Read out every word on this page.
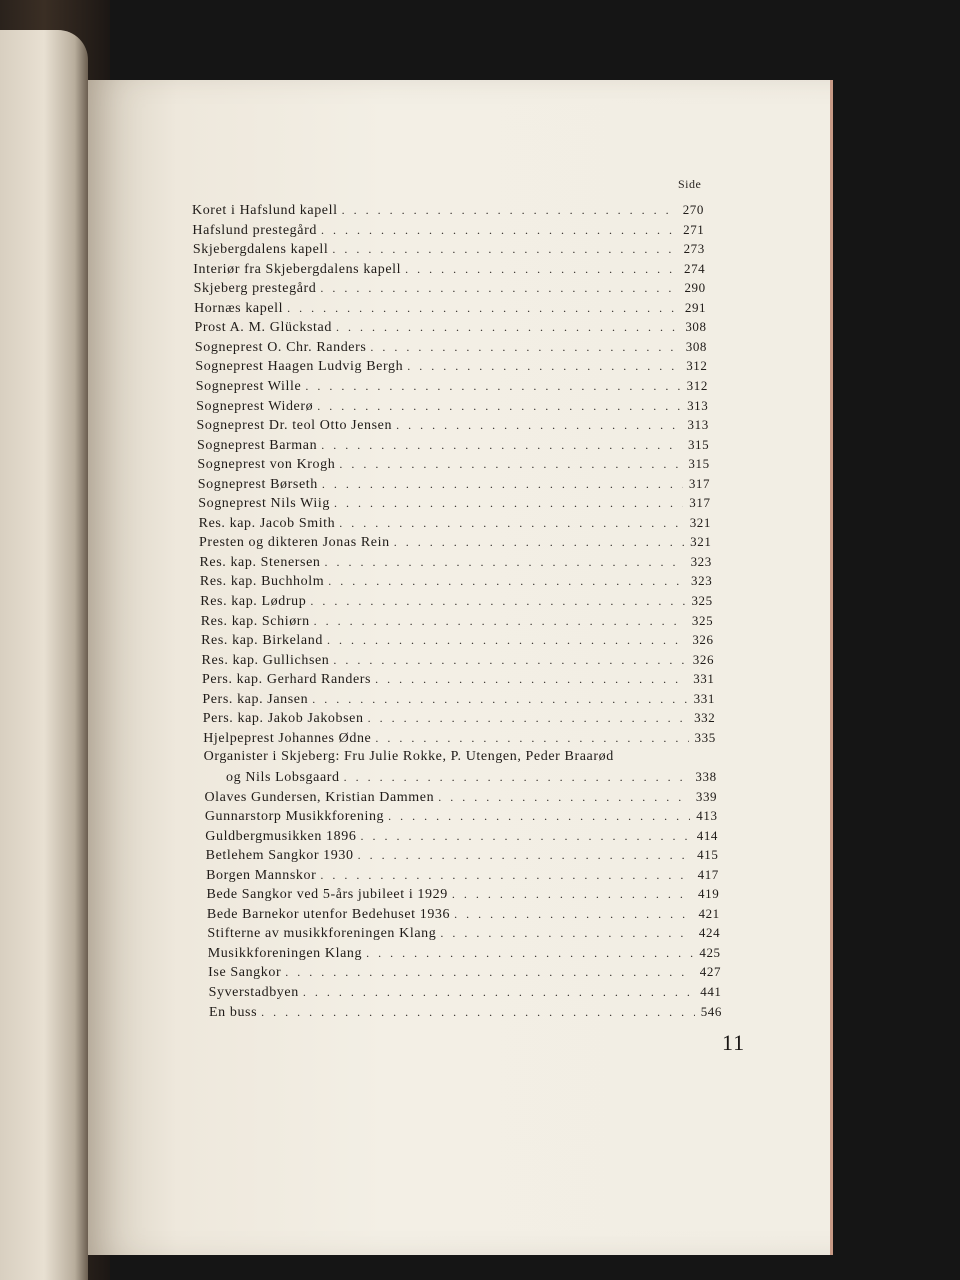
Side
Koret i Hafslund kapell . . .	270
Hafslund prestegård . . .	271
Skjebergdalens kapell . . .	273
Interiør fra Skjebergdalens kapell . . .	274
Skjeberg prestegård . . .	290
Hornæs kapell . . .	291
Prost A. M. Glückstad . . .	308
Sogneprest O. Chr. Randers . . .	308
Sogneprest Haagen Ludvig Bergh . . .	312
Sogneprest Wille . . .	312
Sogneprest Widerø . . .	313
Sogneprest Dr. teol Otto Jensen . . .	313
Sogneprest Barman . . .	315
Sogneprest von Krogh . . .	315
Sogneprest Børseth . . .	317
Sogneprest Nils Wiig . . .	317
Res. kap. Jacob Smith . . .	321
Presten og dikteren Jonas Rein . . .	321
Res. kap. Stenersen . . .	323
Res. kap. Buchholm . . .	323
Res. kap. Lødrup . . .	325
Res. kap. Schiørn . . .	325
Res. kap. Birkeland . . .	326
Res. kap. Gullichsen . . .	326
Pers. kap. Gerhard Randers . . .	331
Pers. kap. Jansen . . .	331
Pers. kap. Jakob Jakobsen . . .	332
Hjelpeprest Johannes Ødne . . .	335
Organister i Skjeberg: Fru Julie Rokke, P. Utengen, Peder Braarød
og Nils Lobsgaard . . .	338
Olaves Gundersen, Kristian Dammen . . .	339
Gunnarstorp Musikkforening . . .	413
Guldbergmusikken 1896 . . .	414
Betlehem Sangkor 1930 . . .	415
Borgen Mannskor . . .	417
Bede Sangkor ved 5-års jubileet i 1929 . . .	419
Bede Barnekor utenfor Bedehuset 1936 . . .	421
Stifterne av musikkforeningen Klang . . .	424
Musikkforeningen Klang . . .	425
Ise Sangkor . . .	427
Syverstadbyen . . .	441
En buss . . .	546
11
